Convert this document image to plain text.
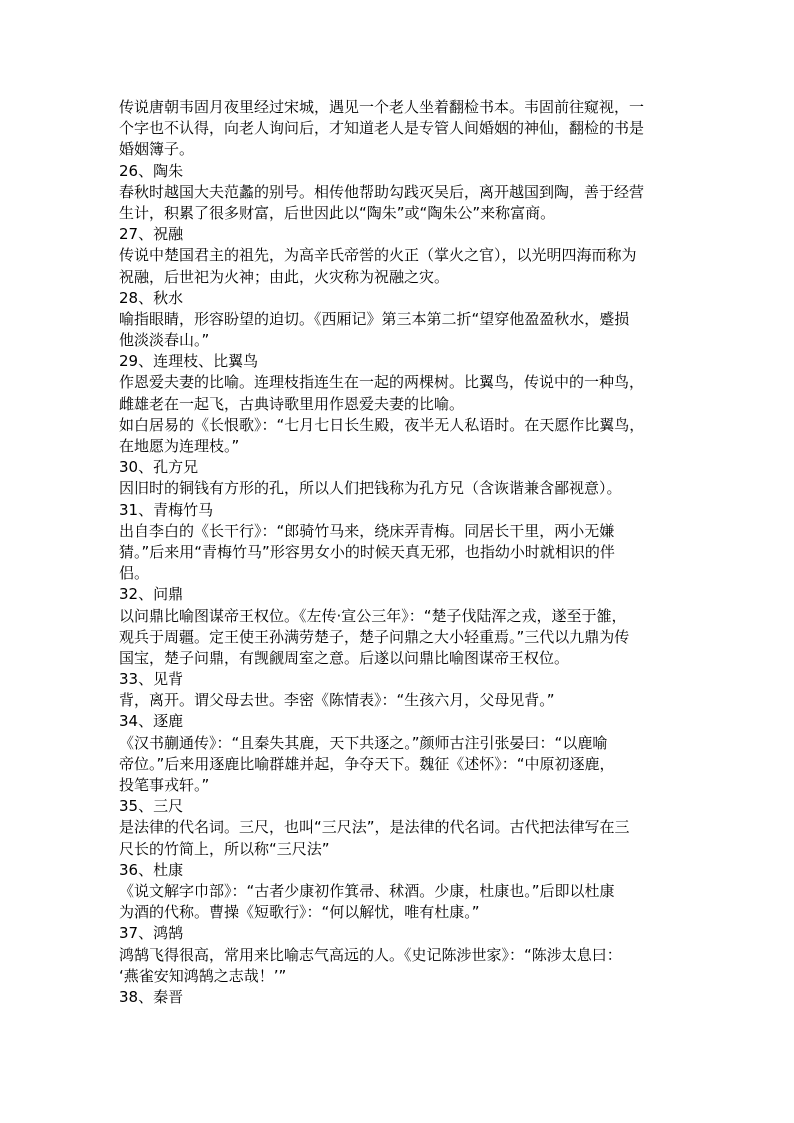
传说唐朝韦固月夜里经过宋城，遇见一个老人坐着翻检书本。韦固前往窥视，一
个字也不认得，向老人询问后，才知道老人是专管人间婚姻的神仙，翻检的书是
婚姻簿子。
26、陶朱
春秋时越国大夫范蠡的别号。相传他帮助勾践灭吴后，离开越国到陶，善于经营
生计，积累了很多财富，后世因此以“陶朱”或“陶朱公”来称富商。
27、祝融
传说中楚国君主的祖先，为高辛氏帝喾的火正（掌火之官），以光明四海而称为
祝融，后世祀为火神；由此，火灾称为祝融之灾。
28、秋水
喻指眼睛，形容盼望的迫切。《西厢记》第三本第二折“望穿他盈盈秋水，蹙损
他淡淡春山。”
29、连理枝、比翼鸟
作恩爱夫妻的比喻。连理枝指连生在一起的两棵树。比翼鸟，传说中的一种鸟，
雌雄老在一起飞，古典诗歌里用作恩爱夫妻的比喻。
如白居易的《长恨歌》：“七月七日长生殿，夜半无人私语时。在天愿作比翼鸟，
在地愿为连理枝。”
30、孔方兄
因旧时的铜钱有方形的孔，所以人们把钱称为孔方兄（含诙谐兼含鄙视意）。
31、青梅竹马
出自李白的《长干行》：“郎骑竹马来，绕床弄青梅。同居长干里，两小无嫌
猜。”后来用“青梅竹马”形容男女小的时候天真无邪，也指幼小时就相识的伴
侣。
32、问鼎
以问鼎比喻图谋帝王权位。《左传·宣公三年》：“楚子伐陆浑之戎，遂至于雒，
观兵于周疆。定王使王孙满劳楚子，楚子问鼎之大小轻重焉。”三代以九鼎为传
国宝，楚子问鼎，有觊觎周室之意。后遂以问鼎比喻图谋帝王权位。
33、见背
背，离开。谓父母去世。李密《陈情表》：“生孩六月，父母见背。”
34、逐鹿
《汉书蒯通传》：“且秦失其鹿，天下共逐之。”颜师古注引张晏曰：“以鹿喻
帝位。”后来用逐鹿比喻群雄并起，争夺天下。魏征《述怀》：“中原初逐鹿，
投笔事戎轩。”
35、三尺
是法律的代名词。三尺，也叫“三尺法”，是法律的代名词。古代把法律写在三
尺长的竹简上，所以称“三尺法”
36、杜康
《说文解字巾部》：“古者少康初作箕帚、秫酒。少康，杜康也。”后即以杜康
为酒的代称。曹操《短歌行》：“何以解忧，唯有杜康。”
37、鸿鹄
鸿鹄飞得很高，常用来比喻志气高远的人。《史记陈涉世家》：“陈涉太息曰：
‘燕雀安知鸿鹄之志哉！’”
38、秦晋
